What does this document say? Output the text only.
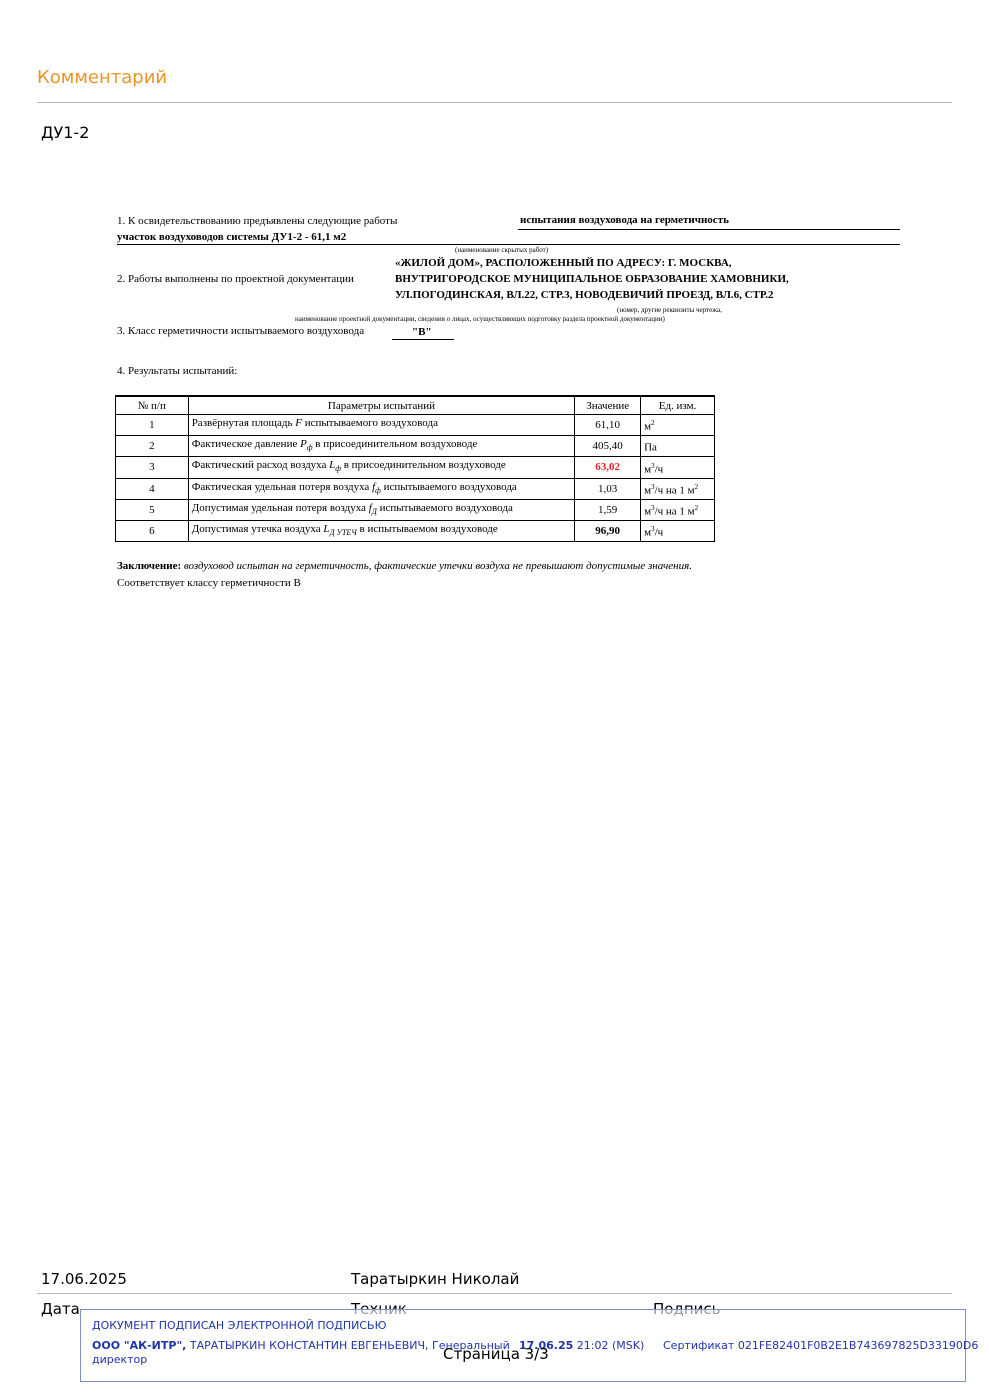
Комментарий
ДУ1-2
1. К освидетельствованию предъявлены следующие работы	испытания воздуховода на герметичность
участок воздуховодов системы ДУ1-2 - 61,1 м2
(наименование скрытых работ)
«ЖИЛОЙ ДОМ», РАСПОЛОЖЕННЫЙ ПО АДРЕСУ: Г. МОСКВА,
2. Работы выполнены по проектной документации	ВНУТРИГОРОДСКОЕ МУНИЦИПАЛЬНОЕ ОБРАЗОВАНИЕ ХАМОВНИКИ,
УЛ.ПОГОДИНСКАЯ, ВЛ.22, СТР.3, НОВОДЕВИЧИЙ ПРОЕЗД, ВЛ.6, СТР.2
(номер, другие реквизиты чертежа,
наименование проектной документации, сведения о лицах, осуществляющих подготовку раздела проектной документации)
3. Класс герметичности испытываемого воздуховода	"В"
4. Результаты испытаний:
№ п/п	Параметры испытаний	Значение	Ед. изм.
1	Развёрнутая площадь F испытываемого воздуховода	61,10	$м^2$
2	Фактическое давление $P_ф$ в присоединительном воздуховоде	405,40	Па
3	Фактический расход воздуха $L_ф$ в присоединительном воздуховоде	63,02	$м^3/ч$
4	Фактическая удельная потеря воздуха $f_ф$ испытываемого воздуховода	1,03	$м^3/ч$ на 1 $м^2$
5	Допустимая удельная потеря воздуха $f_Д$ испытываемого воздуховода	1,59	$м^3/ч$ на 1 $м^2$
6	Допустимая утечка воздуха $L_{Д УТЕЧ}$ в испытываемом воздуховоде	96,90	$м^3/ч$
Заключение: воздуховод испытан на герметичность, фактические утечки воздуха не превышают допустимые значения.
Соответствует классу герметичности В
17.06.2025	Таратыркин Николай
Дата
ДОКУМЕНТ ПОДПИСАН ЭЛЕКТРОННОЙ ПОДПИСЬЮ
ООО "АК-ИТР", ТАРАТЫРКИН КОНСТАНТИН ЕВГЕНЬЕВИЧ, Генеральный
директор
17.06.25 21:02 (MSK) Сертификат 021FE82401F0B2E1B743697825D33190D6
Страница 3/3
